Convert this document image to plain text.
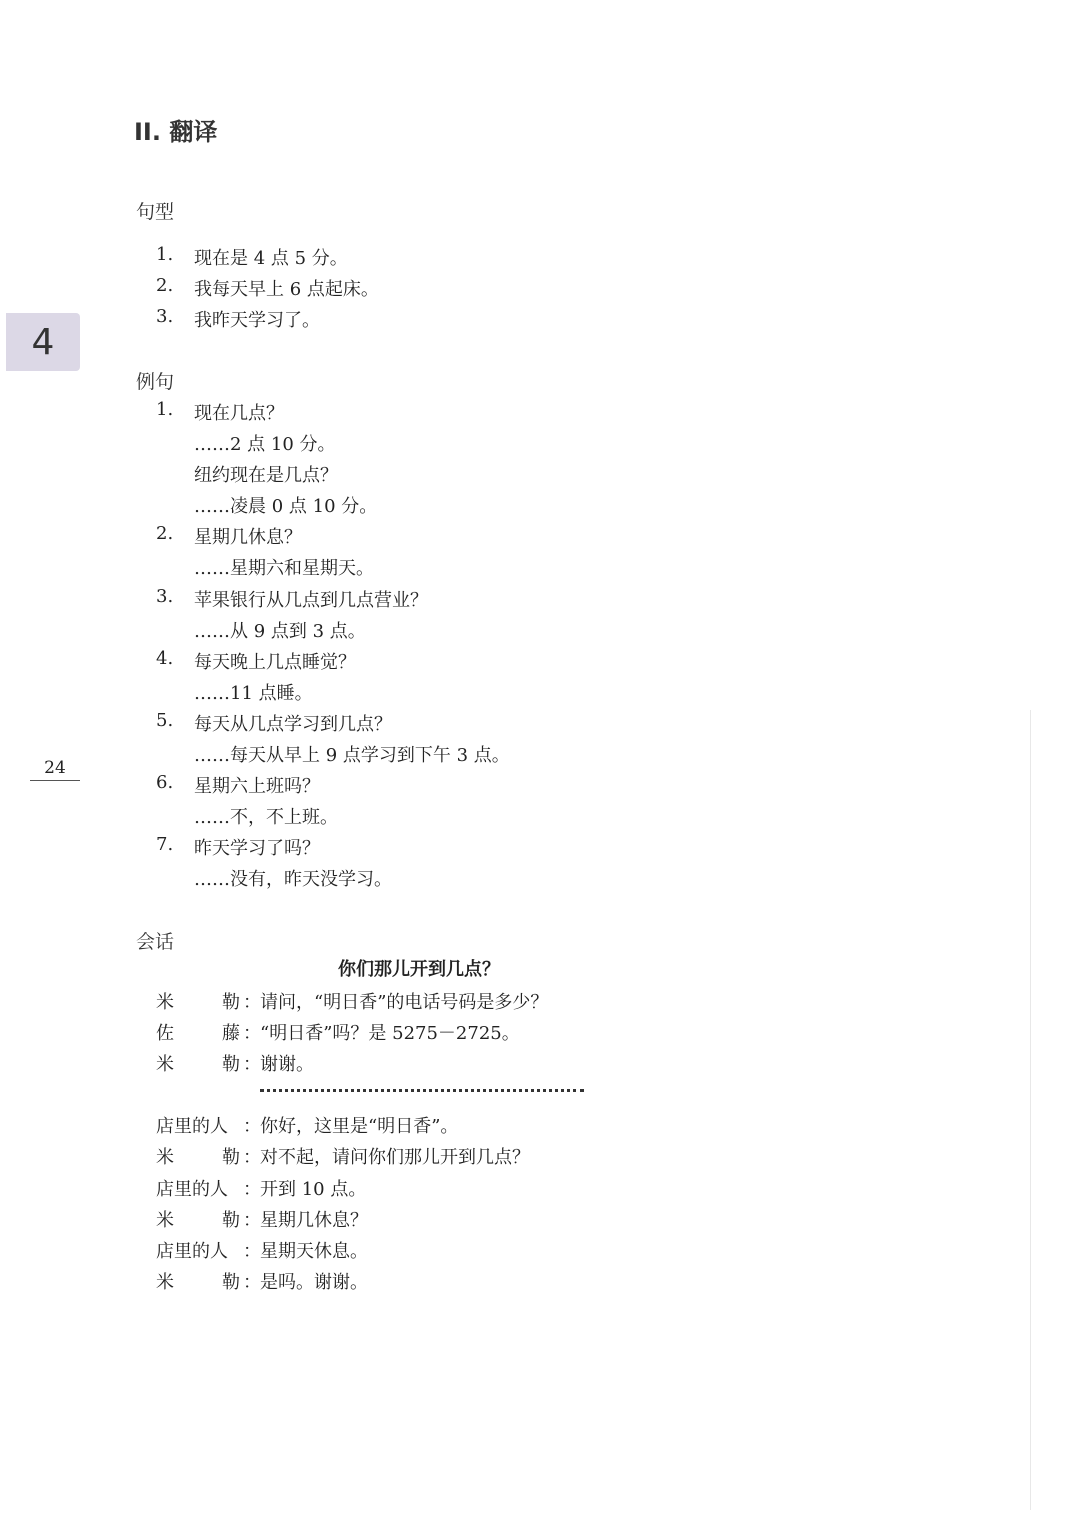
II. 翻译
4
24
句型
1. 现在是 4 点 5 分。
2. 我每天早上 6 点起床。
3. 我昨天学习了。
例句
1. 现在几点？
……2 点 10 分。
纽约现在是几点？
……凌晨 0 点 10 分。
2. 星期几休息？
……星期六和星期天。
3. 苹果银行从几点到几点营业？
……从 9 点到 3 点。
4. 每天晚上几点睡觉？
……11 点睡。
5. 每天从几点学习到几点？
……每天从早上 9 点学习到下午 3 点。
6. 星期六上班吗？
……不，不上班。
7. 昨天学习了吗？
……没有，昨天没学习。
会话
你们那儿开到几点？
米	勒 ： 请问，“明日香”的电话号码是多少？
佐	藤 ： “明日香”吗？是 5275－2725。
米	勒 ： 谢谢。
店里的人 ： 你好，这里是“明日香”。
米	勒 ： 对不起，请问你们那儿开到几点？
店里的人 ： 开到 10 点。
米	勒 ： 星期几休息？
店里的人 ： 星期天休息。
米	勒 ： 是吗。谢谢。
